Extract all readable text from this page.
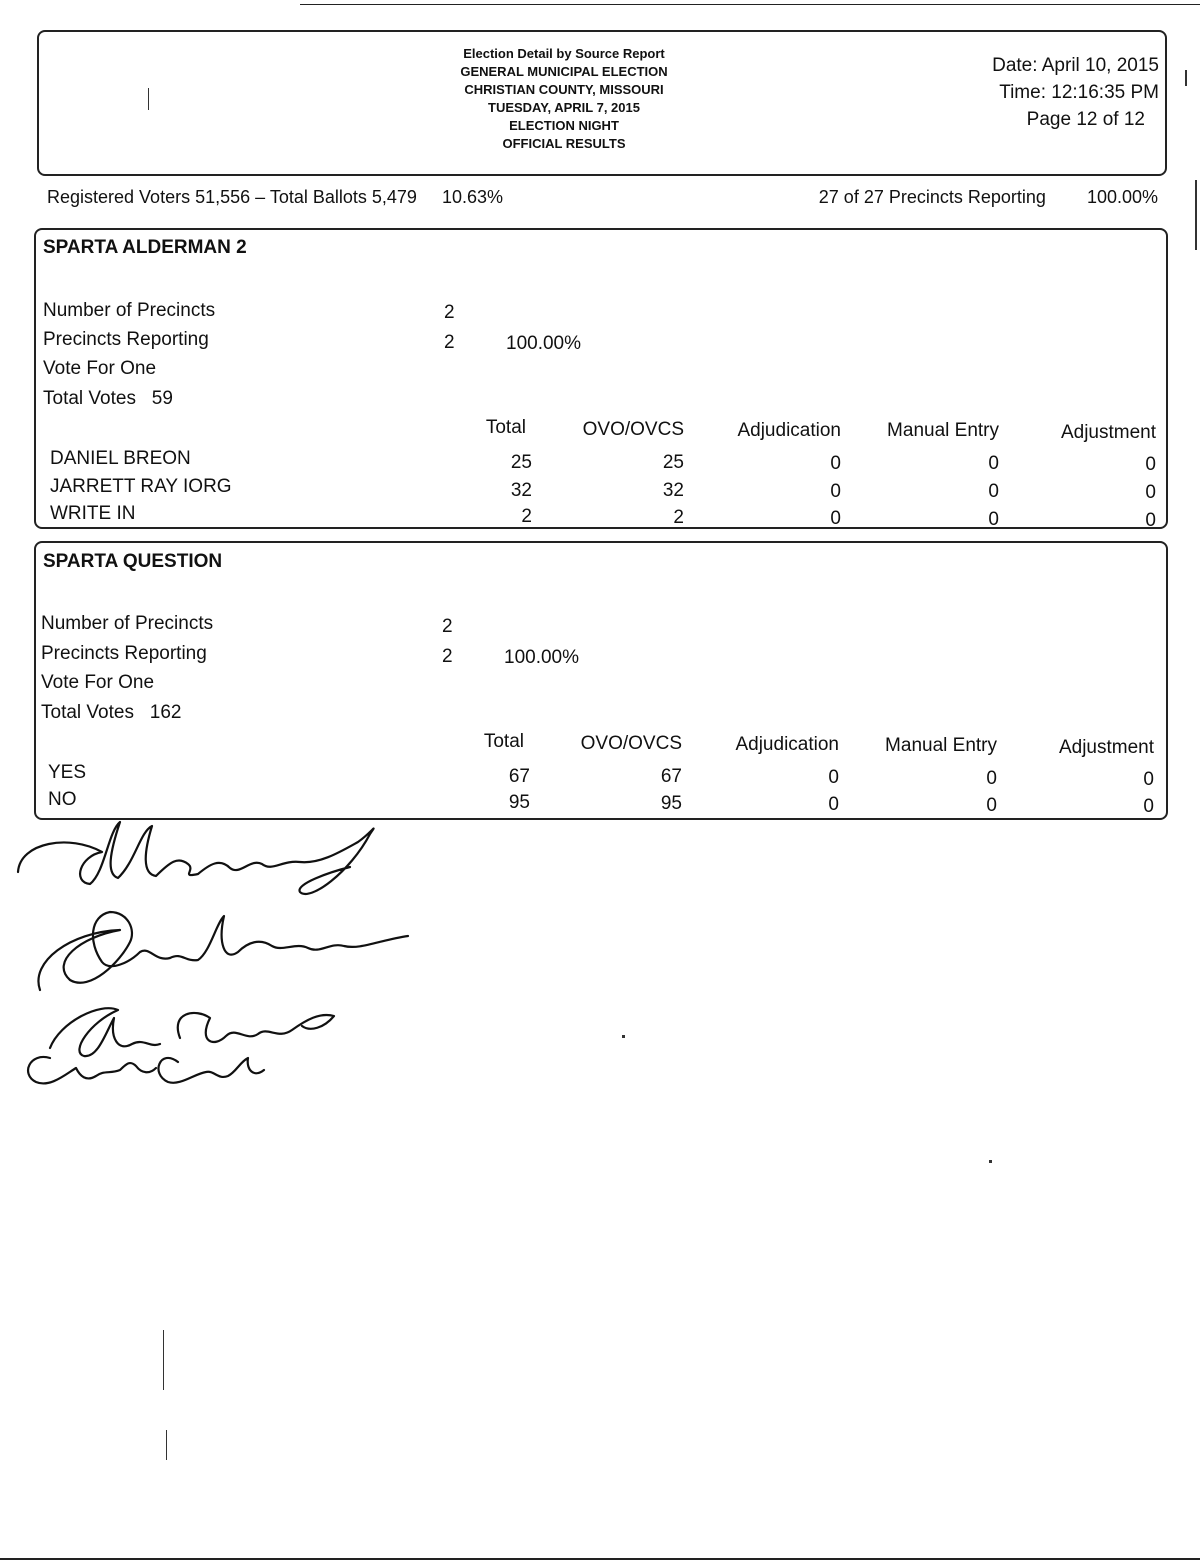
Election Detail by Source Report
GENERAL MUNICIPAL ELECTION
CHRISTIAN COUNTY, MISSOURI
TUESDAY, APRIL 7, 2015
ELECTION NIGHT
OFFICIAL RESULTS
Date: April 10, 2015
Time: 12:16:35 PM
Page 12 of 12
Registered Voters 51,556 – Total Ballots 5,479 10.63%	27 of 27 Precincts Reporting 100.00%
SPARTA ALDERMAN 2
Number of Precincts	2
Precincts Reporting	2	100.00%
Vote For One
Total Votes 59
Total	OVO/OVCS	Adjudication Manual Entry	Adjustment
DANIEL BREON	25	25	0	0	0
JARRETT RAY IORG	32	32	0	0	0
WRITE IN	2	2	0	0	0
SPARTA QUESTION
Number of Precincts	2
Precincts Reporting	2	100.00%
Vote For One
Total Votes 162
Total	OVO/OVCS	Adjudication Manual Entry	Adjustment
YES	67	67	0	0	0
NO	95	95	0	0	0
